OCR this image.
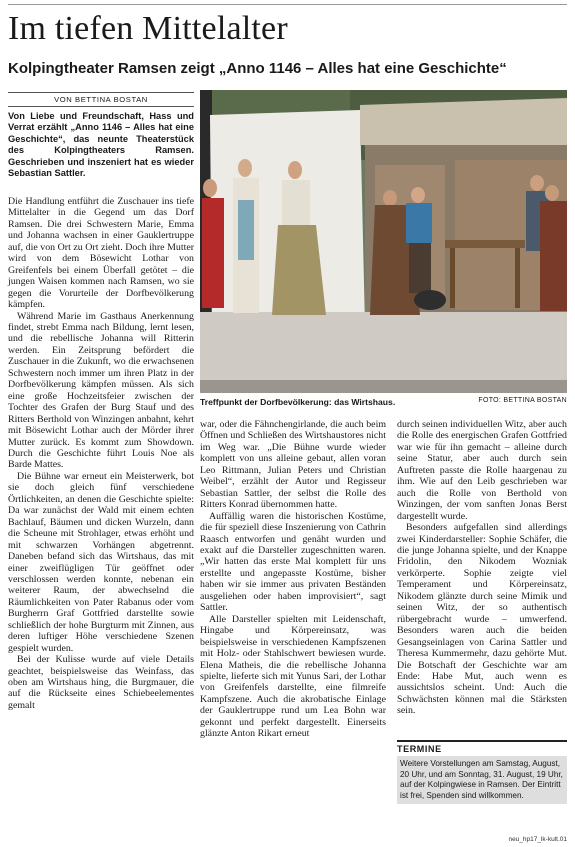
Im tiefen Mittelalter
Kolpingtheater Ramsen zeigt „Anno 1146 – Alles hat eine Geschichte“
VON BETTINA BOSTAN
Von Liebe und Freundschaft, Hass und Verrat erzählt „Anno 1146 – Alles hat eine Geschichte“, das neunte Theaterstück des Kolpingtheaters Ramsen. Geschrieben und inszeniert hat es wieder Sebastian Sattler.

Die Handlung entführt die Zuschauer ins tiefe Mittelalter in die Gegend um das Dorf Ramsen. Die drei Schwestern Marie, Emma und Johanna wachsen in einer Gauklertruppe auf, die von Ort zu Ort zieht. Doch ihre Mutter wird von dem Bösewicht Lothar von Greifenfels bei einem Überfall getötet – die jungen Waisen kommen nach Ramsen, wo sie gegen die Vorurteile der Dorfbevölkerung kämpfen.

Während Marie im Gasthaus Anerkennung findet, strebt Emma nach Bildung, lernt lesen, und die rebellische Johanna will Ritterin werden. Ein Zeitsprung befördert die Zuschauer in die Zukunft, wo die erwachsenen Schwestern noch immer um ihren Platz in der Dorfbevölkerung kämpfen müssen. Als sich eine große Hochzeitsfeier zwischen der Tochter des Grafen der Burg Stauf und des Ritters Berthold von Winzingen anbahnt, kehrt mit Bösewicht Lothar auch der Mörder ihrer Mutter zurück. Es kommt zum Showdown. Durch die Geschichte führt Louis Noe als Barde Mattes.

Die Bühne war erneut ein Meisterwerk, bot sie doch gleich fünf verschiedene Örtlichkeiten, an denen die Geschichte spielte: Da war zunächst der Wald mit einem echten Bachlauf, Bäumen und dicken Wurzeln, dann die Scheune mit Strohlager, etwas erhöht und mit schwarzen Vorhängen abgetrennt. Daneben befand sich das Wirtshaus, das mit einer zweiflügligen Tür geöffnet oder verschlossen werden konnte, nebenan ein weiterer Raum, der abwechselnd die Räumlichkeiten von Pater Rabanus oder vom Burgherrn Graf Gottfried darstellte sowie schließlich der hohe Burgturm mit Zinnen, aus deren luftiger Höhe verschiedene Szenen gespielt wurden.

Bei der Kulisse wurde auf viele Details geachtet, beispielsweise das Weinfass, das oben am Wirtshaus hing, die Burgmauer, die auf die Rückseite eines Schiebeelementes gemalt

Treffpunkt der Dorfbevölkerung: das Wirtshaus.	FOTO: BETTINA BOSTAN

war, oder die Fähnchengirlande, die auch beim Öffnen und Schließen des Wirtshaustores nicht im Weg war. „Die Bühne wurde wieder komplett von uns alleine gebaut, allen voran Leo Rittmann, Julian Peters und Christian Weibel“, erzählt der Autor und Regisseur Sebastian Sattler, der selbst die Rolle des Ritters Konrad übernommen hatte.

Auffällig waren die historischen Kostüme, die für speziell diese Inszenierung von Cathrin Raasch entworfen und genäht wurden und exakt auf die Darsteller zugeschnitten waren. „Wir hatten das erste Mal komplett für uns erstellte und angepasste Kostüme, bisher haben wir sie immer aus privaten Beständen ausgeliehen oder haben improvisiert“, sagt Sattler.

Alle Darsteller spielten mit Leidenschaft, Hingabe und Körpereinsatz, was beispielsweise in verschiedenen Kampfszenen mit Holz- oder Stahlschwert bewiesen wurde. Elena Matheis, die die rebellische Johanna spielte, lieferte sich mit Yunus Sari, der Lothar von Greifenfels darstellte, eine filmreife Kampfszene. Auch die akrobatische Einlage der Gauklertruppe rund um Lea Bohn war gekonnt und perfekt dargestellt. Einerseits glänzte Anton Rikart erneut

durch seinen individuellen Witz, aber auch die Rolle des energischen Grafen Gottfried war wie für ihn gemacht – alleine durch seine Statur, aber auch durch sein Auftreten passte die Rolle haargenau zu ihm. Wie auf den Leib geschrieben war auch die Rolle von Berthold von Winzingen, der vom sanften Jonas Berst dargestellt wurde.

Besonders aufgefallen sind allerdings zwei Kinderdarsteller: Sophie Schäfer, die die junge Johanna spielte, und der Knappe Fridolin, den Nikodem Wozniak verkörperte. Sophie zeigte viel Temperament und Körpereinsatz, Nikodem glänzte durch seine Mimik und seinen Witz, der so authentisch rübergebracht wurde – umwerfend. Besonders waren auch die beiden Gesangseinlagen von Carina Sattler und Theresa Kummermehr, dazu gehörte Mut. Die Botschaft der Geschichte war am Ende: Habe Mut, auch wenn es aussichtslos scheint. Und: Auch die Schwächsten können mal die Stärksten sein.

TERMINE
Weitere Vorstellungen am Samstag, August, 20 Uhr, und am Sonntag, 31. August, 19 Uhr, auf der Kolpingwiese in Ramsen. Der Eintritt ist frei, Spenden sind willkommen.
neu_hp17_lk-kult.01
